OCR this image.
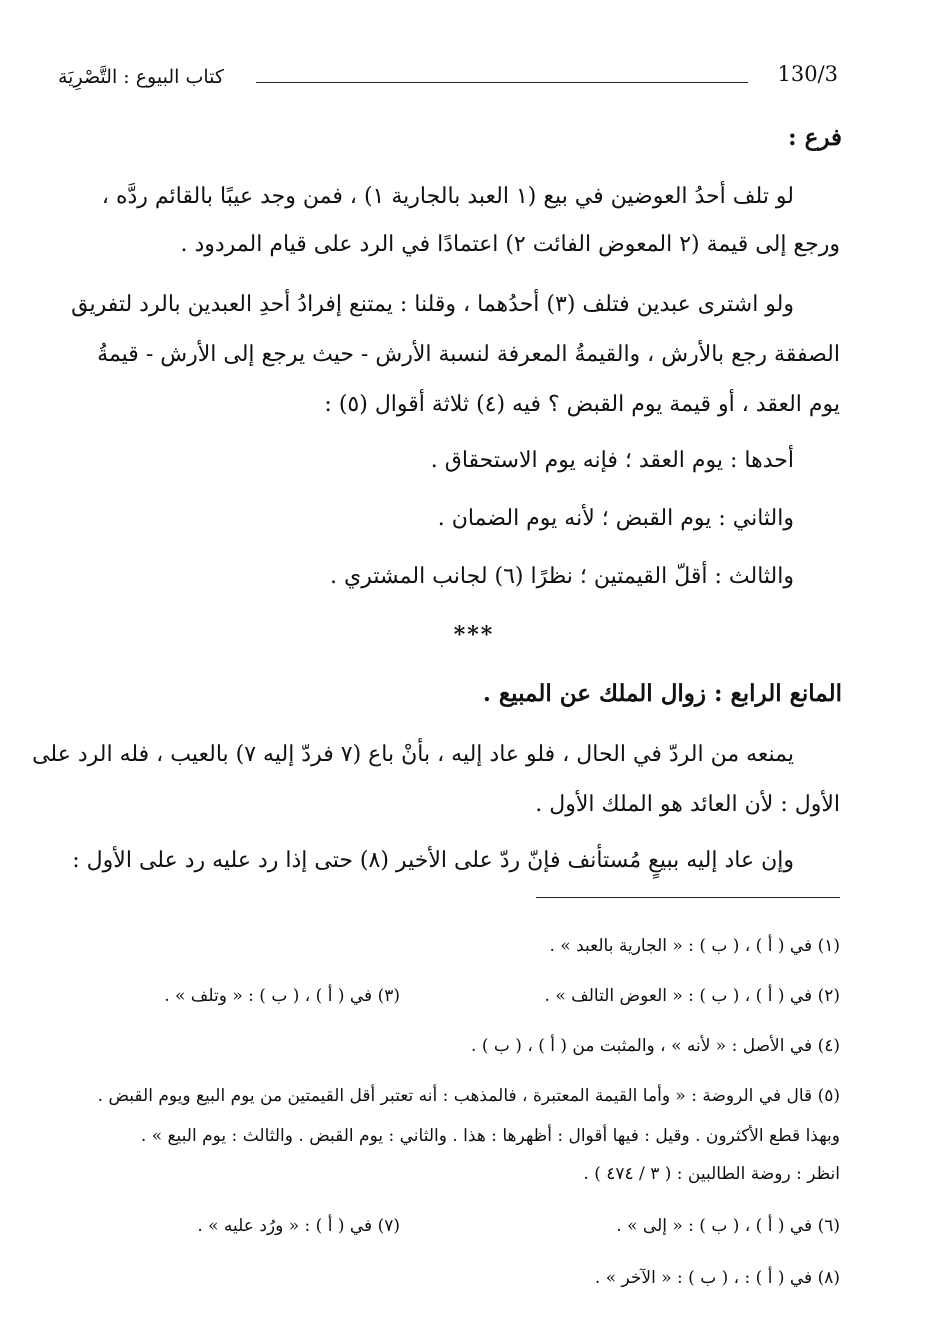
كتاب البيوع : التَّصْرِيَة	130/3
فرع :
لو تلف أحدُ العوضين في بيع (١ العبد بالجارية ١) ، فمن وجد عيبًا بالقائم ردَّه ،
ورجع إلى قيمة (٢ المعوض الفائت ٢) اعتمادًا في الرد على قيام المردود .
ولو اشترى عبدين فتلف (٣) أحدُهما ، وقلنا : يمتنع إفرادُ أحدِ العبدين بالرد لتفريق
الصفقة رجع بالأرش ، والقيمةُ المعرفة لنسبة الأرش - حيث يرجع إلى الأرش - قيمةُ
يوم العقد ، أو قيمة يوم القبض ؟ فيه (٤) ثلاثة أقوال (٥) :
أحدها : يوم العقد ؛ فإنه يوم الاستحقاق .
والثاني : يوم القبض ؛ لأنه يوم الضمان .
والثالث : أقلّ القيمتين ؛ نظرًا (٦) لجانب المشتري .
***
المانع الرابع : زوال الملك عن المبيع .
يمنعه من الردّ في الحال ، فلو عاد إليه ، بأنْ باع (٧ فردّ إليه ٧) بالعيب ، فله الرد على
الأول : لأن العائد هو الملك الأول .
وإن عاد إليه ببيعٍ مُستأنف فإنّ ردّ على الأخير (٨) حتى إذا رد عليه رد على الأول :
(١) في ( أ ) ، ( ب ) : « الجارية بالعبد » .
(٢) في ( أ ) ، ( ب ) : « العوض التالف » .
(٣) في ( أ ) ، ( ب ) : « وتلف » .
(٤) في الأصل : « لأنه » ، والمثبت من ( أ ) ، ( ب ) .
(٥) قال في الروضة : « وأما القيمة المعتبرة ، فالمذهب : أنه تعتبر أقل القيمتين من يوم البيع ويوم القبض .
وبهذا قطع الأكثرون . وقيل : فيها أقوال : أظهرها : هذا . والثاني : يوم القبض . والثالث : يوم البيع » .
انظر : روضة الطالبين : ( ٣ / ٤٧٤ ) .
(٦) في ( أ ) ، ( ب ) : « إلى » .
(٧) في ( أ ) : « ورُد عليه » .
(٨) في ( أ ) : ، ( ب ) : « الآخر » .
